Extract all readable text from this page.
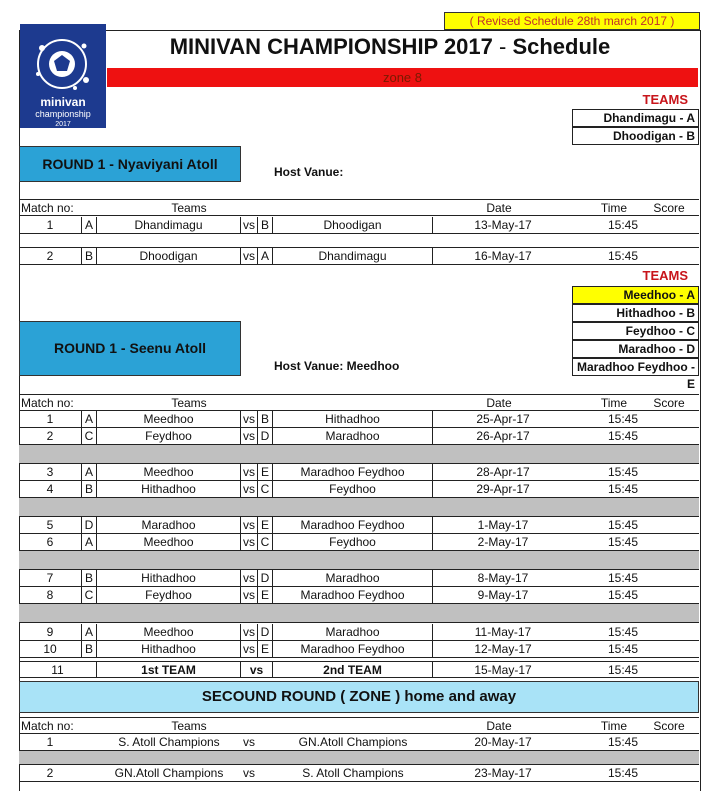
( Revised Schedule 28th march 2017 )
minivan
championship
2017
MINIVAN CHAMPIONSHIP 2017 - Schedule
zone 8
TEAMS
Dhandimagu - A
Dhoodigan - B
ROUND 1 - Nyaviyani Atoll	Host Vanue:
Match no:	Teams	Date	Time	Score
1	A	Dhandimagu	vs B	Dhoodigan	13-May-17	15:45
2	B	Dhoodigan	vs A	Dhandimagu	16-May-17	15:45
TEAMS
Meedhoo - A
Hithadhoo - B
Feydhoo - C
Maradhoo - D
Maradhoo Feydhoo - E
ROUND 1 - Seenu Atoll
Host Vanue: Meedhoo
Match no:	Teams	Date	Time	Score
1	A	Meedhoo	vs B	Hithadhoo	25-Apr-17	15:45
2	C	Feydhoo	vs D	Maradhoo	26-Apr-17	15:45
3	A	Meedhoo	vs E	Maradhoo Feydhoo	28-Apr-17	15:45
4	B	Hithadhoo	vs C	Feydhoo	29-Apr-17	15:45
5	D	Maradhoo	vs E	Maradhoo Feydhoo	1-May-17	15:45
6	A	Meedhoo	vs C	Feydhoo	2-May-17	15:45
7	B	Hithadhoo	vs D	Maradhoo	8-May-17	15:45
8	C	Feydhoo	vs E	Maradhoo Feydhoo	9-May-17	15:45
9	A	Meedhoo	vs D	Maradhoo	11-May-17	15:45
10	B	Hithadhoo	vs E	Maradhoo Feydhoo	12-May-17	15:45
11	1st TEAM	vs	2nd TEAM	15-May-17	15:45
SECOUND ROUND ( ZONE ) home and away
Match no:	Teams	Date	Time	Score
1	S. Atoll Champions	vs	GN.Atoll Champions	20-May-17	15:45
2	GN.Atoll Champions	vs	S. Atoll Champions	23-May-17	15:45
